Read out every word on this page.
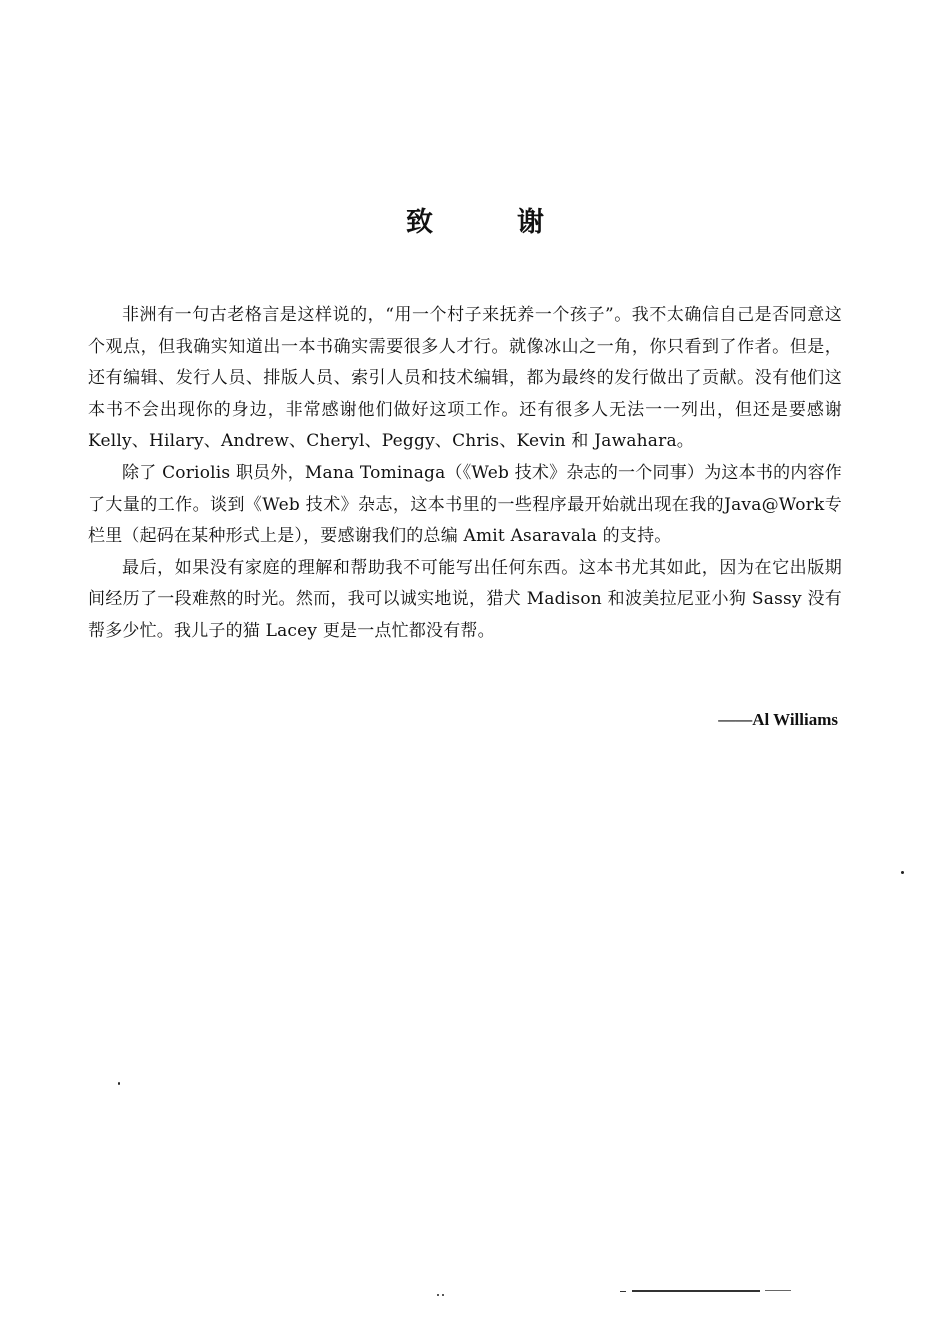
致	谢

非洲有一句古老格言是这样说的，“用一个村子来抚养一个孩子”。我不太确信自己是否同意这个观点，但我确实知道出一本书确实需要很多人才行。就像冰山之一角，你只看到了作者。但是，还有编辑、发行人员、排版人员、索引人员和技术编辑，都为最终的发行做出了贡献。没有他们这本书不会出现你的身边，非常感谢他们做好这项工作。还有很多人无法一一列出，但还是要感谢 Kelly、Hilary、Andrew、Cheryl、Peggy、Chris、Kevin 和 Jawahara。

除了 Coriolis 职员外，Mana Tominaga（《Web 技术》杂志的一个同事）为这本书的内容作了大量的工作。谈到《Web 技术》杂志，这本书里的一些程序最开始就出现在我的Java@Work专栏里（起码在某种形式上是），要感谢我们的总编 Amit Asaravala 的支持。

最后，如果没有家庭的理解和帮助我不可能写出任何东西。这本书尤其如此，因为在它出版期间经历了一段难熬的时光。然而，我可以诚实地说，猎犬 Madison 和波美拉尼亚小狗 Sassy 没有帮多少忙。我儿子的猫 Lacey 更是一点忙都没有帮。

——Al Williams
